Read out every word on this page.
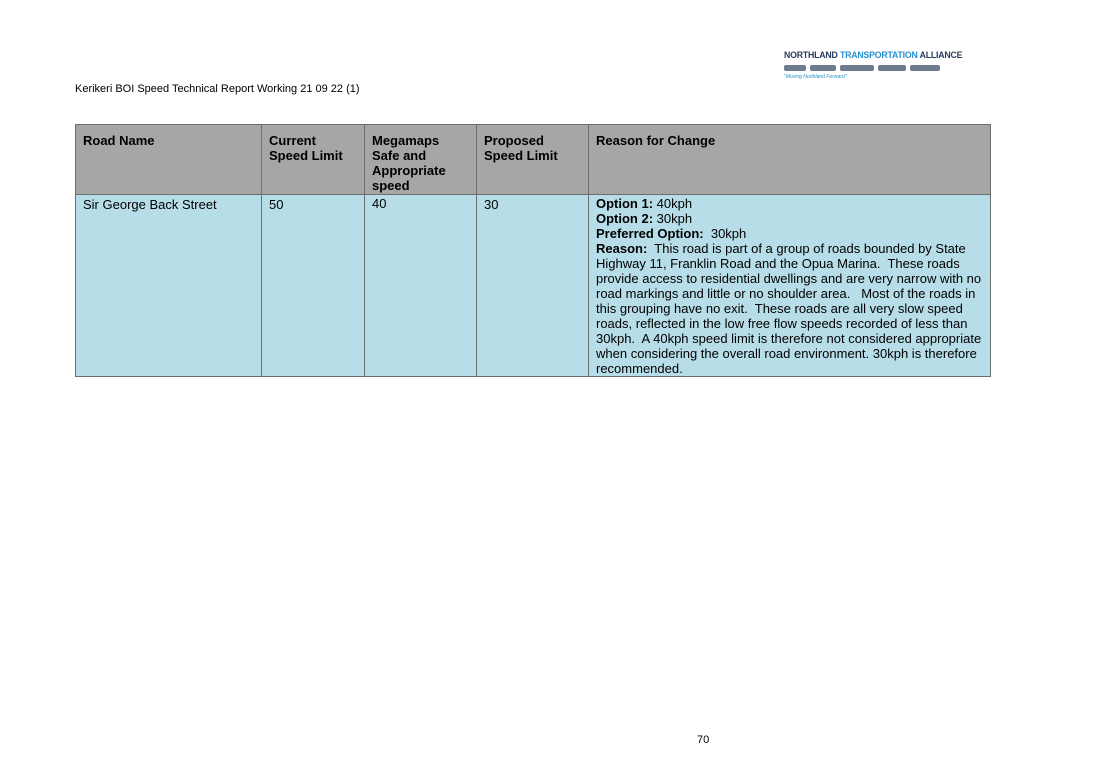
Kerikeri BOI Speed Technical Report Working 21 09 22 (1)
NORTHLAND TRANSPORTATION ALLIANCE
"Moving Northland Forward"
Road Name	Current Speed Limit	Megamaps Safe and Appropriate speed	Proposed Speed Limit	Reason for Change
Sir George Back Street	50	40	30	Option 1: 40kph
Option 2: 30kph
Preferred Option:  30kph
Reason:  This road is part of a group of roads bounded by State Highway 11, Franklin Road and the Opua Marina.  These roads provide access to residential dwellings and are very narrow with no road markings and little or no shoulder area.   Most of the roads in this grouping have no exit.  These roads are all very slow speed roads, reflected in the low free flow speeds recorded of less than 30kph.  A 40kph speed limit is therefore not considered appropriate when considering the overall road environment. 30kph is therefore recommended.
70
